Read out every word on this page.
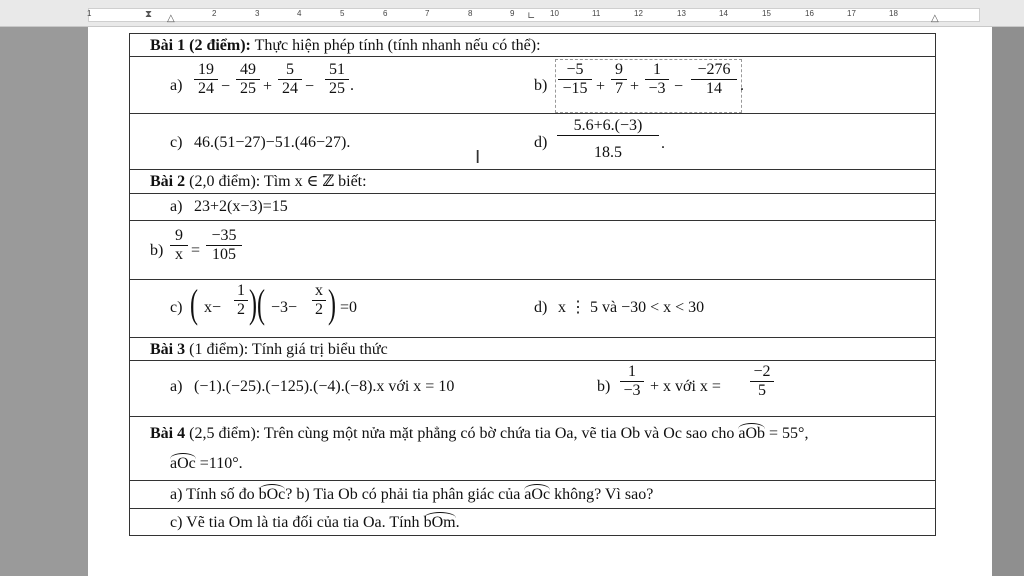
⧗ △	∟	△
1	2	3	4	5	6	7	8	9	10	11	12	13	14	15	16	17	18
Bài 1 (2 điểm): Thực hiện phép tính (tính nhanh nếu có thể):
$a) \frac{19}{24} - \frac{49}{25} + \frac{5}{24} - \frac{51}{25}$ .	$b) \frac{-5}{-15} + \frac{9}{7} + \frac{1}{-3} - \frac{-276}{14}$ .
c) 46.(51−27)−51.(46−27).	$d) \frac{5.6+6.(-3)}{18.5}$ .
I
Bài 2 (2,0 điểm): Tìm x ∈ ℤ biết:
a) 23+2(x−3)=15
$b) \frac{9}{x} = \frac{-35}{105}$
c) ( $x- \frac{1}{2}$ ) ( $-3- \frac{x}{2}$ ) =0	d) x ⋮ 5 và −30 < x < 30
Bài 3 (1 điểm): Tính giá trị biểu thức
a) (−1).(−25).(−125).(−4).(−8).x với x = 10	$b) \frac{1}{-3} + x$ với $x = \frac{-2}{5}$
Bài 4 (2,5 điểm): Trên cùng một nửa mặt phẳng có bờ chứa tia Oa, vẽ tia Ob và Oc sao cho aOb = 55°,
aOc =110°.
a) Tính số đo bOc? b) Tia Ob có phải tia phân giác của aOc không? Vì sao?
c) Vẽ tia Om là tia đối của tia Oa. Tính bOm.
